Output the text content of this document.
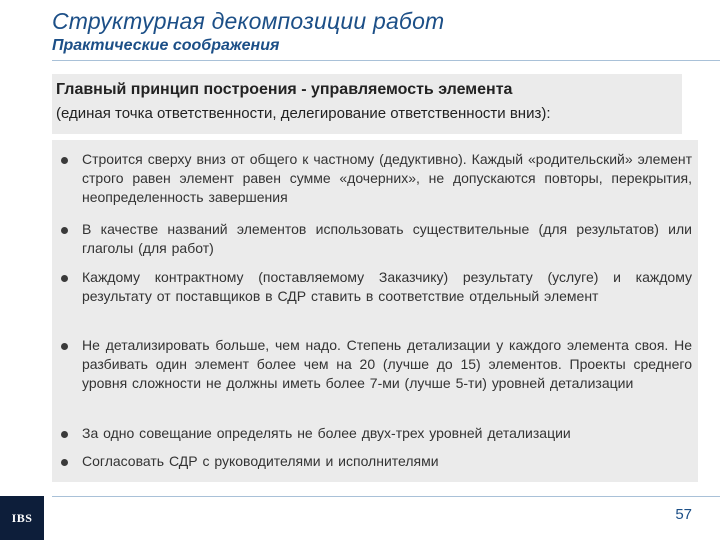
Структурная декомпозиции работ
Практические соображения

Главный принцип построения - управляемость элемента

(единая точка ответственности, делегирование ответственности вниз):

Строится сверху вниз от общего к частному (дедуктивно). Каждый «родительский» элемент строго равен элемент равен сумме «дочерних», не допускаются повторы, перекрытия, неопределенность завершения

В качестве названий элементов использовать существительные (для результатов) или глаголы (для работ)

Каждому контрактному (поставляемому Заказчику) результату (услуге) и каждому результату от поставщиков в СДР ставить в соответствие отдельный элемент

Не детализировать больше, чем надо. Степень детализации у каждого элемента своя. Не разбивать один элемент более чем на 20 (лучше до 15) элементов. Проекты среднего уровня сложности не должны иметь более 7-ми (лучше 5-ти) уровней детализации

За одно совещание определять не более двух-трех уровней детализации

Согласовать СДР с руководителями и исполнителями

IBS	57
